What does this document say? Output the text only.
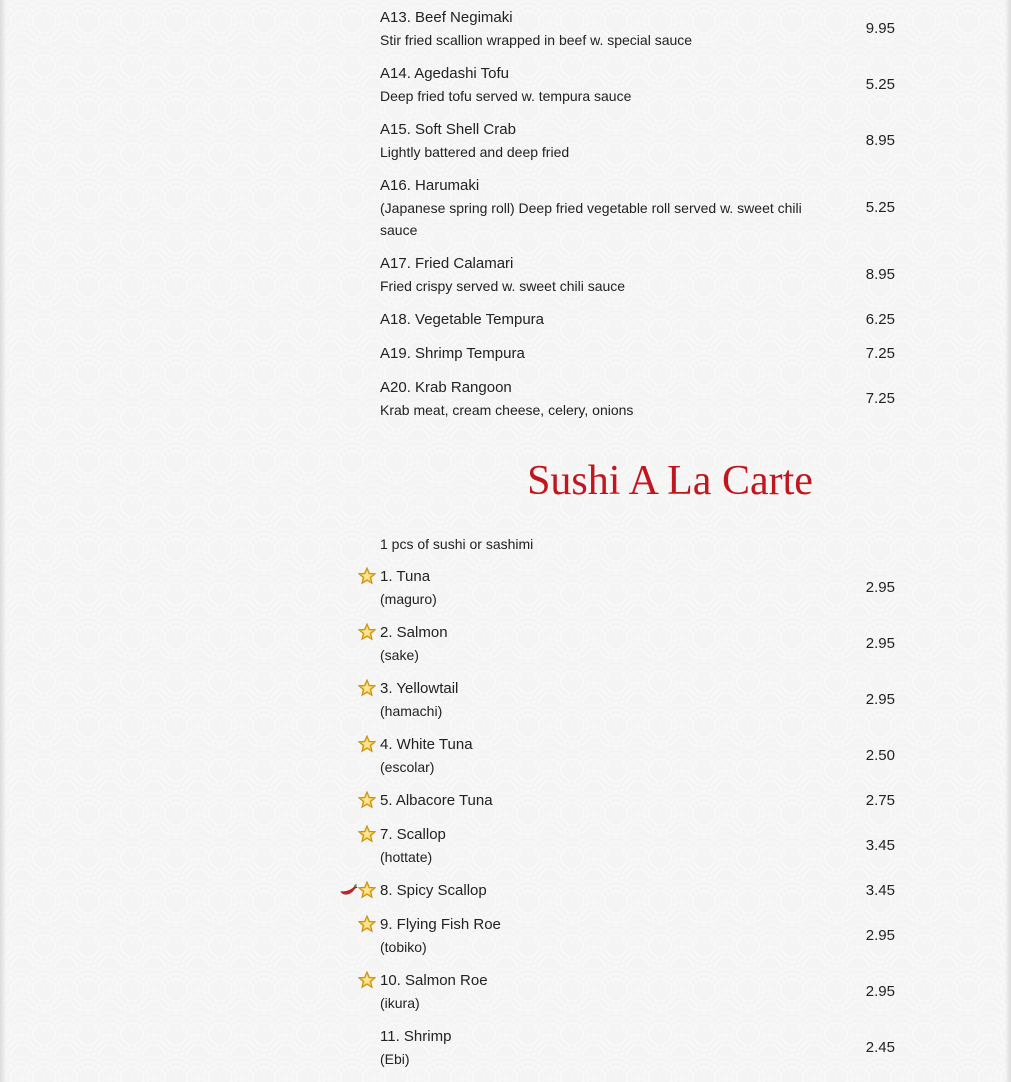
A13. Beef Negimaki
Stir fried scallion wrapped in beef w. special sauce
9.95
A14. Agedashi Tofu
Deep fried tofu served w. tempura sauce
5.25
A15. Soft Shell Crab
Lightly battered and deep fried
8.95
A16. Harumaki
(Japanese spring roll) Deep fried vegetable roll served w. sweet chili sauce
5.25
A17. Fried Calamari
Fried crispy served w. sweet chili sauce
8.95
A18. Vegetable Tempura	6.25
A19. Shrimp Tempura	7.25
A20. Krab Rangoon
Krab meat, cream cheese, celery, onions
7.25
Sushi A La Carte
1 pcs of sushi or sashimi
1. Tuna
(maguro)
2.95
2. Salmon
(sake)
2.95
3. Yellowtail
(hamachi)
2.95
4. White Tuna
(escolar)
2.50
5. Albacore Tuna	2.75
7. Scallop
(hottate)
3.45
8. Spicy Scallop	3.45
9. Flying Fish Roe
(tobiko)
2.95
10. Salmon Roe
(ikura)
2.95
11. Shrimp
(Ebi)
2.45
